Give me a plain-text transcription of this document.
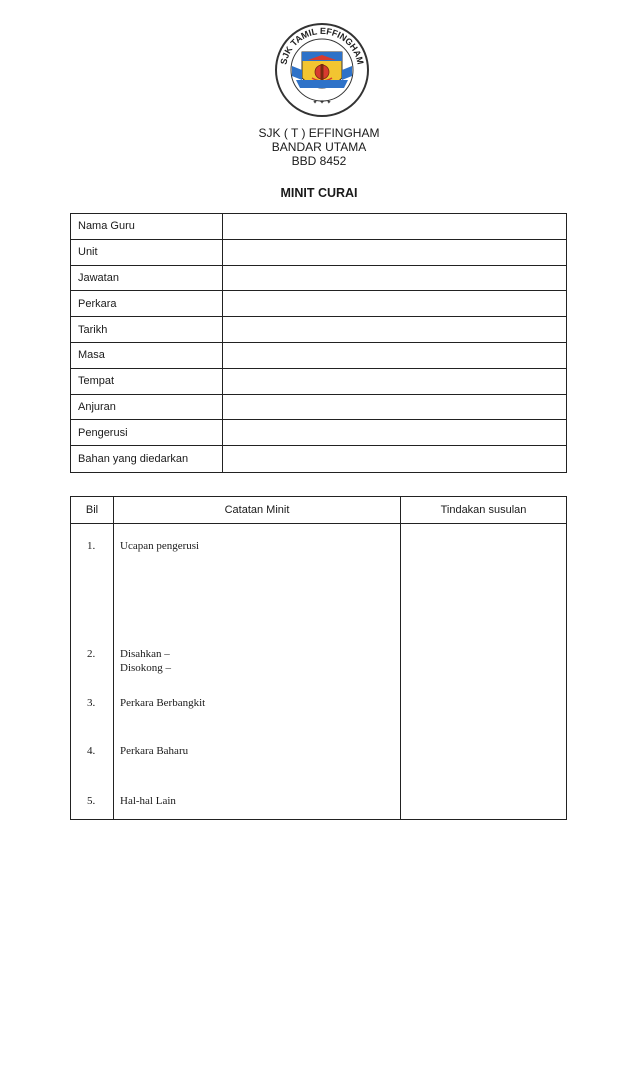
SJK TAMIL EFFINGHAM
✦ ✦ ✦
SJK ( T ) EFFINGHAM
BANDAR UTAMA
BBD 8452
MINIT CURAI
Nama Guru
Unit
Jawatan
Perkara
Tarikh
Masa
Tempat
Anjuran
Pengerusi
Bahan yang diedarkan
Bil	Catatan Minit	Tindakan susulan
1. Ucapan pengerusi
2. Disahkan –
Disokong –
3. Perkara Berbangkit
4. Perkara Baharu
5. Hal-hal Lain
